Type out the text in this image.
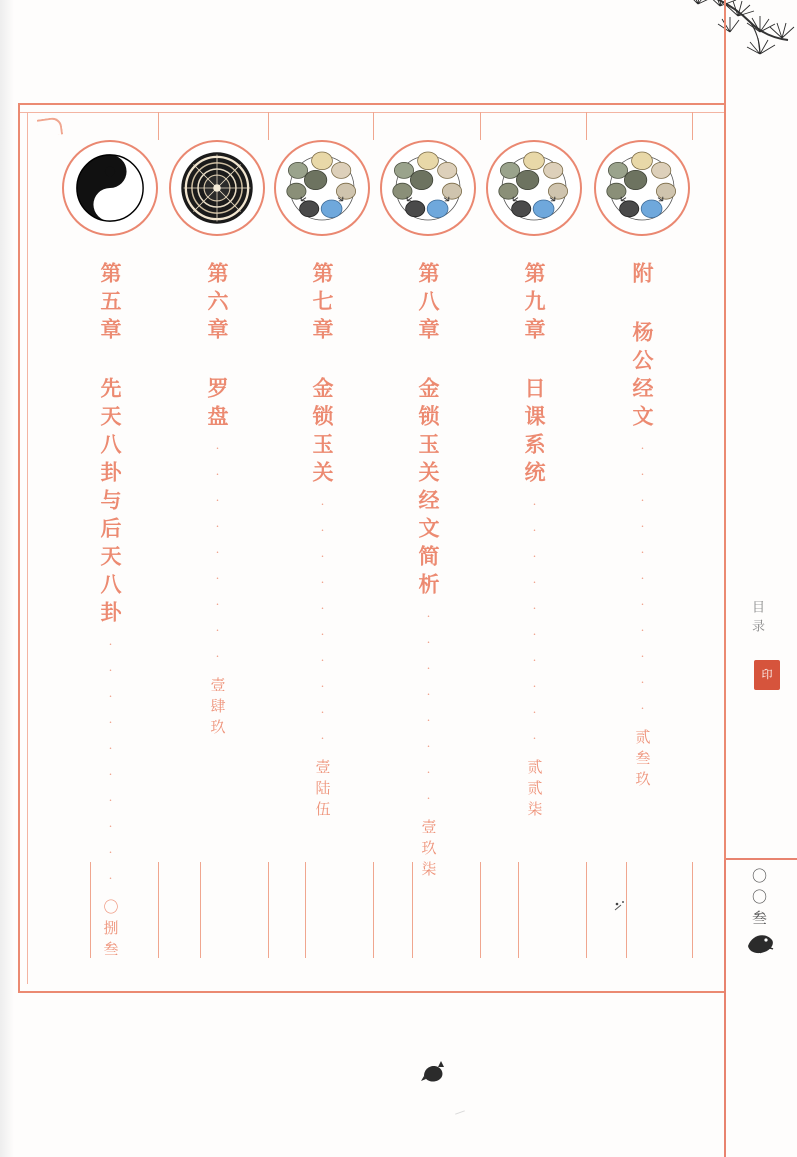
第五章 先天八卦与后天八卦
..........
〇捌叁
第六章 罗盘
.........
壹肆玖
第七章 金锁玉关
..........
壹陆伍
第八章 金锁玉关经文简析
........
壹玖柒
第九章 日课系统
..........
贰贰柒
附 杨公经文
...........
贰叁玖
目录
印
〇〇叁
